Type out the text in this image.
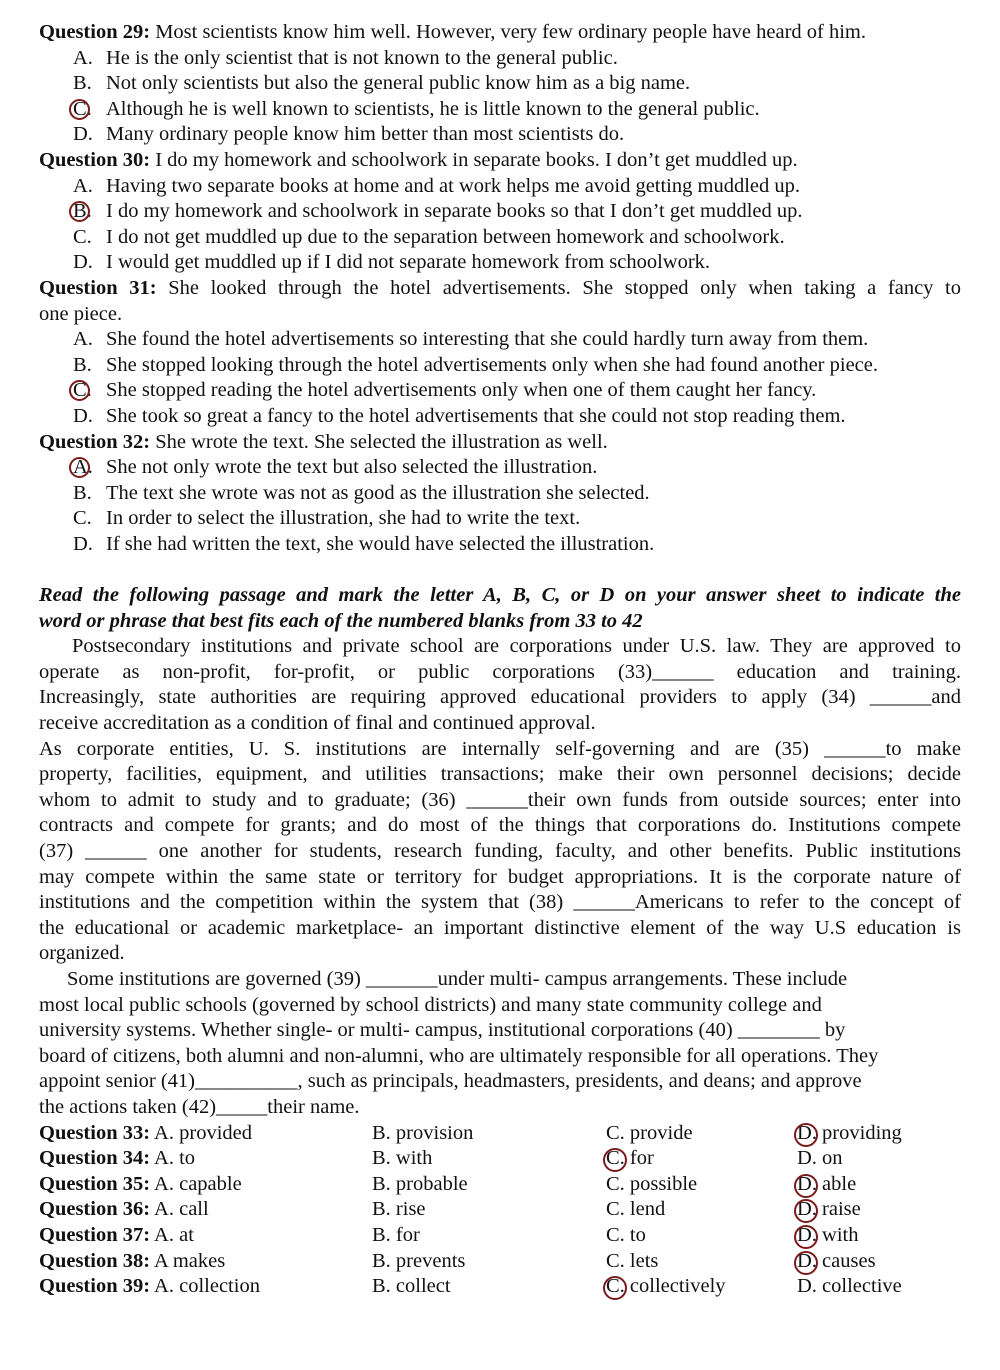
Question 29: Most scientists know him well. However, very few ordinary people have heard of him.
A. He is the only scientist that is not known to the general public.
B. Not only scientists but also the general public know him as a big name.
C. Although he is well known to scientists, he is little known to the general public.
D. Many ordinary people know him better than most scientists do.
Question 30: I do my homework and schoolwork in separate books. I don’t get muddled up.
A. Having two separate books at home and at work helps me avoid getting muddled up.
B. I do my homework and schoolwork in separate books so that I don’t get muddled up.
C. I do not get muddled up due to the separation between homework and schoolwork.
D. I would get muddled up if I did not separate homework from schoolwork.
Question 31: She looked through the hotel advertisements. She stopped only when taking a fancy to
one piece.
A. She found the hotel advertisements so interesting that she could hardly turn away from them.
B. She stopped looking through the hotel advertisements only when she had found another piece.
C. She stopped reading the hotel advertisements only when one of them caught her fancy.
D. She took so great a fancy to the hotel advertisements that she could not stop reading them.
Question 32: She wrote the text. She selected the illustration as well.
A. She not only wrote the text but also selected the illustration.
B. The text she wrote was not as good as the illustration she selected.
C. In order to select the illustration, she had to write the text.
D. If she had written the text, she would have selected the illustration.
Read the following passage and mark the letter A, B, C, or D on your answer sheet to indicate the
word or phrase that best fits each of the numbered blanks from 33 to 42
Postsecondary institutions and private school are corporations under U.S. law. They are approved to
operate as non-profit, for-profit, or public corporations (33)______ education and training.
Increasingly, state authorities are requiring approved educational providers to apply (34) ______and
receive accreditation as a condition of final and continued approval.
As corporate entities, U. S. institutions are internally self-governing and are (35) ______to make
property, facilities, equipment, and utilities transactions; make their own personnel decisions; decide
whom to admit to study and to graduate; (36) ______their own funds from outside sources; enter into
contracts and compete for grants; and do most of the things that corporations do. Institutions compete
(37) ______ one another for students, research funding, faculty, and other benefits. Public institutions
may compete within the same state or territory for budget appropriations. It is the corporate nature of
institutions and the competition within the system that (38) ______Americans to refer to the concept of
the educational or academic marketplace- an important distinctive element of the way U.S education is
organized.
Some institutions are governed (39) _______under multi- campus arrangements. These include
most local public schools (governed by school districts) and many state community college and
university systems. Whether single- or multi- campus, institutional corporations (40) ________ by
board of citizens, both alumni and non-alumni, who are ultimately responsible for all operations. They
appoint senior (41)__________, such as principals, headmasters, presidents, and deans; and approve
the actions taken (42)_____their name.
Question 33: A. provided	B. provision	C. provide	D. providing
Question 34: A. to	B. with	C. for	D. on
Question 35: A. capable	B. probable	C. possible	D. able
Question 36: A. call	B. rise	C. lend	D. raise
Question 37: A. at	B. for	C. to	D. with
Question 38: A makes	B. prevents	C. lets	D. causes
Question 39: A. collection	B. collect	C. collectively	D. collective
